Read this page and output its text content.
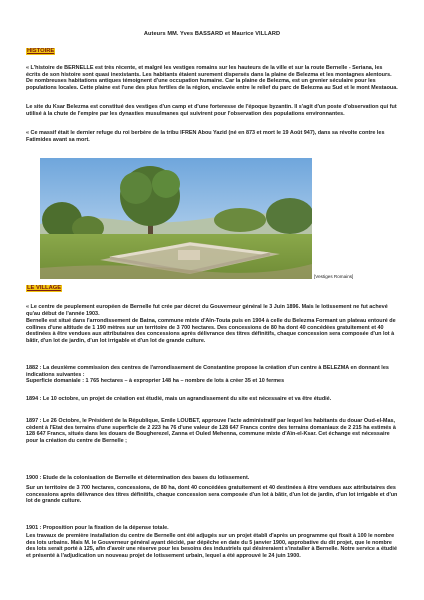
Auteurs MM. Yves BASSARD et Maurice VILLARD
HISTOIRE
« L'histoire de BERNELLE est très récente, et malgré les vestiges romains sur les hauteurs de la ville et sur la route Bernelle - Seriana, les écrits de son histoire sont quasi inexistants. Les habitants étaient surement dispersés dans la plaine de Belezma et les montagnes alentours. De nombreuses habitations antiques témoignent d'une occupation humaine. Car la plaine de Belezma, est un grenier séculaire pour les populations locales. Cette plaine est l'une des plus fertiles de la région, enclavée entre le relief du parc de Belezma au Sud et le mont Mestaoua.
Le site du Ksar Belezma est constitué des vestiges d'un camp et d'une forteresse de l'époque byzantin. Il s'agit d'un poste d'observation qui fut utilisé à la chute de l'empire par les dynasties musulmanes qui suivirent pour l'observation des populations environnantes.
« Ce massif était le dernier refuge du roi berbère de la tribu IFREN Abou Yazid (né en 873 et mort le 19 Août 947), dans sa révolte contre les Fatimides avant sa mort.
[Vestiges Romains]
LE VILLAGE
« Le centre de peuplement européen de Bernelle fut crée par décret du Gouverneur général le 3 Juin 1896. Mais le lotissement ne fut achevé qu'au début de l'année 1903.
Bernelle est situé dans l'arrondissement de Batna, commune mixte d'Aïn-Touta puis en 1904 à celle du Belezma Formant un plateau entouré de collines d'une altitude de 1 190 mètres sur un territoire de 3 700 hectares. Des concessions de 80 ha dont 40 concédées gratuitement et 40 destinées à être vendues aux attributaires des concessions après délivrance des titres définitifs, chaque concession sera composée d'un lot à bâtir, d'un lot de jardin, d'un lot irrigable et d'un lot de grande culture.
1882 : La deuxième commission des centres de l'arrondissement de Constantine propose la création d'un centre à BELEZMA en donnant les indications suivantes :
Superficie domaniale : 1 765 hectares – à exproprier 148 ha – nombre de lots à créer 35 et 10 fermes
1894 : Le 10 octobre, un projet de création est étudié, mais un agrandissement du site est nécessaire et va être étudié.
1897 : Le 26 Octobre, le Président de la République, Emile LOUBET, approuve l'acte administratif par lequel les habitants du douar Oud-el-Mas, cèdent à l'Etat des terrains d'une superficie de 2 223 ha 76 d'une valeur de 128 647 Francs contre des terrains domaniaux de 2 215 ha estimés à 128 647 Francs, situés dans les douars de Bougherezel, Zanna et Ouled Mehenna, commune mixte d'Aïn-el-Ksar. Cet échange est nécessaire pour la création du centre de Bernelle ;
1900 : Etude de la colonisation de Bernelle et détermination des bases du lotissement.
Sur un territoire de 3 700 hectares, concessions, de 80 ha, dont 40 concédées gratuitement et 40 destinées à être vendues aux attributaires des concessions après délivrance des titres définitifs, chaque concession sera composée d'un lot à bâtir, d'un lot de jardin, d'un lot irrigable et d'un lot de grande culture.
1901 : Proposition pour la fixation de la dépense totale.
Les travaux de première installation du centre de Bernelle ont été adjugés sur un projet établi d'après un programme qui fixait à 100 le nombre des lots urbains. Mais M. le Gouverneur général ayant décidé, par dépêche en date du 5 janvier 1900, approbative du dit projet, que le nombre des lots serait porté à 125, afin d'avoir une réserve pour les besoins des industriels qui désireraient s'installer à Bernelle. Notre service a étudié et présenté à l'adjudication un nouveau projet de lotissement urbain, lequel a été approuvé le 24 juin 1900.
